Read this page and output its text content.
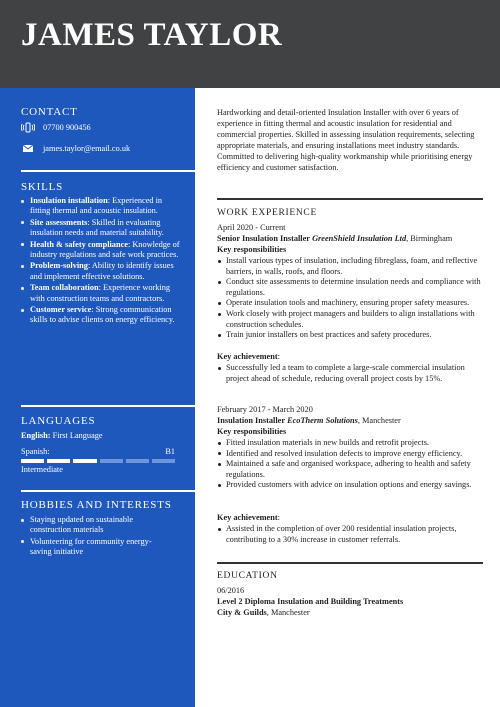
JAMES TAYLOR
CONTACT
07700 900456
james.taylor@email.co.uk
SKILLS
Insulation installation: Experienced in fitting thermal and acoustic insulation.
Site assessments: Skilled in evaluating insulation needs and material suitability.
Health & safety compliance: Knowledge of industry regulations and safe work practices.
Problem-solving: Ability to identify issues and implement effective solutions.
Team collaboration: Experience working with construction teams and contractors.
Customer service: Strong communication skills to advise clients on energy efficiency.
LANGUAGES
English: First Language
Spanish:	B1
Intermediate
HOBBIES AND INTERESTS
Staying updated on sustainable construction materials
Volunteering for community energy-saving initiative
Hardworking and detail-oriented Insulation Installer with over 6 years of experience in fitting thermal and acoustic insulation for residential and commercial properties. Skilled in assessing insulation requirements, selecting appropriate materials, and ensuring installations meet industry standards. Committed to delivering high-quality workmanship while prioritising energy efficiency and customer satisfaction.
WORK EXPERIENCE
April 2020 - Current
Senior Insulation Installer GreenShield Insulation Ltd, Birmingham
Key responsibilities
Install various types of insulation, including fibreglass, foam, and reflective barriers, in walls, roofs, and floors.
Conduct site assessments to determine insulation needs and compliance with regulations.
Operate insulation tools and machinery, ensuring proper safety measures.
Work closely with project managers and builders to align installations with construction schedules.
Train junior installers on best practices and safety procedures.
Key achievement:
Successfully led a team to complete a large-scale commercial insulation project ahead of schedule, reducing overall project costs by 15%.
February 2017 - March 2020
Insulation Installer EcoTherm Solutions, Manchester
Key responsibilities
Fitted insulation materials in new builds and retrofit projects.
Identified and resolved insulation defects to improve energy efficiency.
Maintained a safe and organised workspace, adhering to health and safety regulations.
Provided customers with advice on insulation options and energy savings.
Key achievement:
Assisted in the completion of over 200 residential insulation projects, contributing to a 30% increase in customer referrals.
EDUCATION
06/2016
Level 2 Diploma Insulation and Building Treatments
City & Guilds, Manchester
